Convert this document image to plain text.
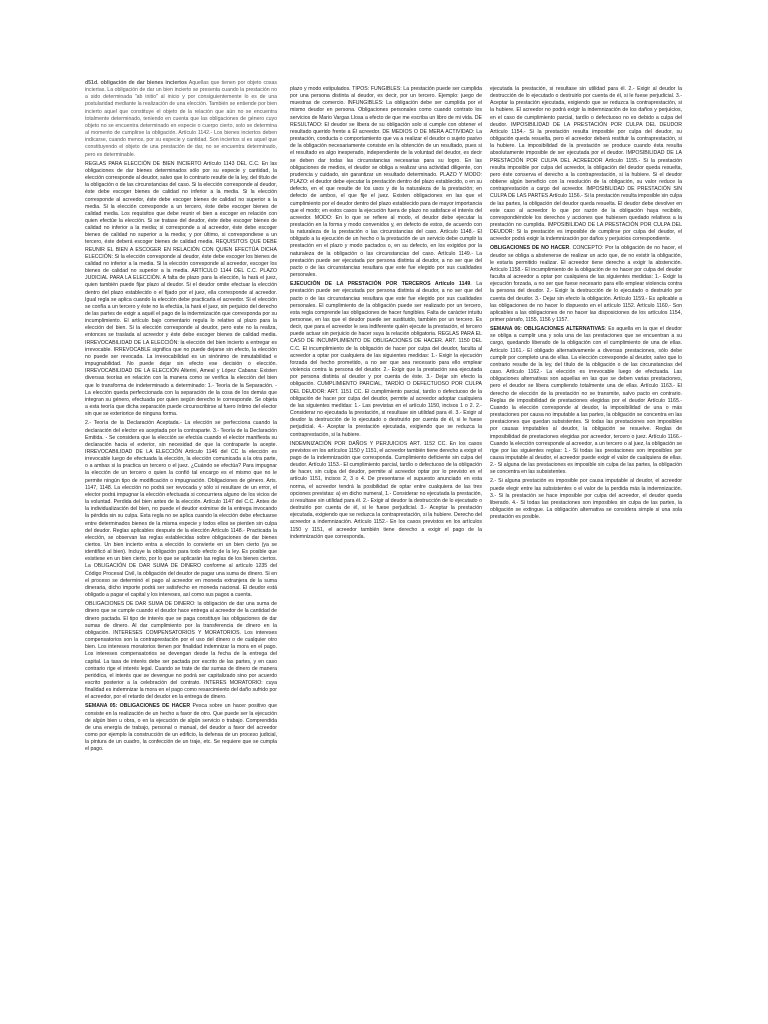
d51d. obligación de dar bienes inciertos Aquellas que tienen por objeto cosas inciertas. La obligación de dar un bien incierto se presenta cuando la prestación no a sido determinada "ab initio" al inicio y por consiguientemente lo es de una postularidad mediante la realización de una elección. También se entiende por bien incierto aquel que constituye el objeto de la relación que aún no se encuentra totalmente determinado, teniendo en cuenta que las obligaciones de género cuyo objeto no se encuentra determinado en especie o cuerpo cierto, solo se determina al momento de cumplirse la obligación. Artículo 1142.- Los bienes inciertos deben indicarse, cuando menos, por su especie y cantidad. Son inciertos si es aquel que constituyendo el objeto de una prestación de dar, no se encuentra determinado, pero es determinable.

REGLAS PARA ELECCIÓN DE BIEN INCIERTO Artículo 1143 DEL C.C. En las obligaciones de dar bienes determinados sólo por su especie y cantidad, la elección corresponde al deudor, salvo que lo contrario resulte de la ley, del título de la obligación o de las circunstancias del caso. Si la elección corresponde al deudor, éste debe escoger bienes de calidad no inferior a la media. Si la elección corresponde al acreedor, éste debe escoger bienes de calidad no superior a la media. Si la elección corresponde a un tercero, éste debe escoger bienes de calidad media. Los requisitos que debe reunir el bien a escoger en relación con quien efectúe la elección. Si se tratase del deudor, éste debe escoger bienes de calidad no inferior a la media; si corresponde a al acreedor, éste debe escoger bienes de calidad no superior a la media; y por último, si correspondiese a un tercero, éste deberá escoger bienes de calidad media. REQUISITOS QUE DEBE REUNIR EL BIEN A ESCOGER EN RELACIÓN CON QUIEN EFECTÚA DICHA ELECCIÓN: Si la elección corresponde al deudor, éste debe escoger los bienes de calidad no inferior a la media. Si la elección corresponde al acreedor, escoger los bienes de calidad no superior a la media. ARTÍCULO 1144 DEL C.C. PLAZO JUDICIAL PARA LA ELECCIÓN. A falta de plazo para la elección, la hará el juez, quien también puede fijar plazo al deudor. Si el deudor omite efectuar la elección dentro del plazo establecido o el fijado por el juez, ella corresponde al acreedor. Igual regla se aplica cuando la elección debe practicarla el acreedor. Si el elección se confía a un tercero y éste no la efectúa, la hará el juez, sin perjuicio del derecho de las partes de exigir a aquél el pago de la indemnización que corresponda por su incumplimiento. El artículo bajo comentario regula lo relativo al plazo para la elección del bien. Si la elección corresponde al deudor, pero este no la realiza, entonces se traslada al acreedor y éste debe escoger bienes de calidad media. IRREVOCABILIDAD DE LA ELECCIÓN: la elección del bien incierto a entregar es irrevocable. IRREVOCABLE significa que no puede dejarse sin efecto, la elección no puede ser revocada. La irrevocabilidad es un sinónimo de inmutabilidad e impugnabilidad. No puede dejar sin efecto ese decisión o elección. IRREVOCABILIDAD DE LA ELECCIÓN Alterini, Ameal y López Cabana: Existen diversas teorías en relación con la manera como se verifica la elección del bien que lo transforma de indeterminado a determinado: 1.- Teoría de la Separación. - La elección queda perfeccionada con la separación de la cosa de los demás que integran su género, efectuada por quien según derecho le corresponde. Se objeta a esta teoría que dicha separación puede circunscribirse al fuero íntimo del elector sin que se exteriorice de ninguna forma.

2.- Teoría de la Declaración Aceptada.- La elección se perfecciona cuando la declaración del elector es aceptada por la contraparte. 3.- Teoría de la Declaración Emitida. - Se considera que la elección se efectúa cuando el elector manifiesta su declaración hacia el exterior, sin necesidad de que la contraparte la acepte. IRREVOCABILIDAD DE LA ELECCIÓN Artículo 1146 del CC la elección es irrevocable luego de efectuada la elección, la elección comunicada a la otra parte, o a ambas si la practica un tercero o el juez. ¿Cuándo se efectúa? Para impugnar la elección de un tercero o quien la confió tal encargo es el mismo que no le permite ningún tipo de modificación o impugnación. Obligaciones de género. Arts. 1147, 1148. La elección no podrá ser revocada y sólo si resultare de un error, el elector podrá impugnar la elección efectuada si concurriera alguno de los vicios de la voluntad. Perdida del bien antes de la elección. Artículo 1147 del C.C. Antes de la individualización del bien, no puede el deudor eximirse de la entrega invocando la pérdida sin su culpa. Esta regla no se aplica cuando la elección debe efectuarse entre determinados bienes de la misma especie y todos ellos se pierden sin culpa del deudor. Reglas aplicables después de la elección Artículo 1148.- Practicada la elección, se observan las reglas establecidas sobre obligaciones de dar bienes ciertos. Un bien incierto entra a elección lo convierte en un bien cierto (ya se identificó al bien). Incluye la obligación para todo efecto de la ley. Es posible que existiese en un bien cierto, por lo que se aplicarán las reglas de los bienes ciertos. La OBLIGACIÓN DE DAR SUMA DE DINERO conforme al artículo 1235 del Código Procesal Civil, la obligación del deudor de pagar una suma de dinero. Si en el proceso se determinó el pago al acreedor en moneda extranjera de la suma dineraria, dicho importe podrá ser satisfecho en moneda nacional. El deudor está obligado a pagar el capital y los intereses, así como sus pagos a cuenta.

OBLIGACIONES DE DAR SUMA DE DINERO: la obligación de dar una suma de dinero que se cumple cuando el deudor hace entrega al acreedor de la cantidad de dinero pactada. El tipo de interés que se paga constituye las obligaciones de dar sumas de dinero. Al dar cumplimiento por la transferencia de dinero en la obligación. INTERESES COMPENSATORIOS Y MORATORIOS. Los intereses compensatorios son la contraprestación por el uso del dinero o de cualquier otro bien. Los intereses moratorios tienen por finalidad indemnizar la mora en el pago. Los intereses compensatorios se devengan desde la fecha de la entrega del capital. La tasa de interés debe ser pactada por escrito de las partes, y en caso contrario rige el interés legal. Cuando se trate de dar sumas de dinero de manera periódica, el interés que se devengue no podrá ser capitalizado sino por acuerdo escrito posterior a la celebración del contrato. INTERES MORATORIO: cuya finalidad es indemnizar la mora en el pago como resarcimiento del daño sufrido por el acreedor, por el retardo del deudor en la entrega de dinero.

SEMANA 05: OBLIGACIONES DE HACER Pesca sobre un hacer positivo que consiste en la realización de un hecho a favor de otro. Que puede ser la ejecución de algún bien u obra, o en la ejecución de algún servicio o trabajo. Comprendida de una energía de trabajo, personal o manual, del deudor a favor del acreedor como por ejemplo la construcción de un edificio, la defensa de un proceso judicial, la pintura de un cuadro, la confección de un traje, etc. Se requiere que se cumpla el pago.

plazo y modo estipulados. TIPOS: FUNGIBLES: La prestación puede ser cumplida por una persona distinta al deudor, es decir, por un tercero. Ejemplo: juego de muestras de comercio. INFUNGIBLES: La obligación debe ser cumplida por el mismo deudor en persona. Obligaciones personales como cuando contrato los servicios de Mario Vargas Llosa a efecto de que me escriba un libro de mi vida. DE RESULTADO: El deudor se libera de su obligación solo si cumple con obtener el resultado querido frente a Él acreedor. DE MEDIOS O DE MERA ACTIVIDAD: La prestación, conducta o comportamiento que va a realizar el deudor o sujeto pasivo de la obligación necesariamente consiste en la obtención de un resultado, pues si el resultado es algo inesperado, independiente de la voluntad del deudor, es decir se deben dar todas las circunstancias necesarias para su logro. En las obligaciones de medios, el deudor se obliga a realizar una actividad diligente, con prudencia y cuidado, sin garantizar un resultado determinado. PLAZO Y MODO: PLAZO: el deudor debe ejecutar la prestación dentro del plazo establecido, o en su defecto, en el que resulte de los usos y de la naturaleza de la prestación; en defecto de ambos, el que fije el juez. Existen obligaciones en las que el cumplimiento por el deudor dentro del plazo establecido para de mayor importancia que el modo; en estos casos la ejecución fuera de plazo no satisface el interés del acreedor. MODO: En lo que se refiere al modo, el deudor debe ejecutar la prestación en la forma y modo convenidos y, en defecto de estos, de acuerdo con la naturaleza de la prestación o las circunstancias del caso. Artículo 1148.- El obligado a la ejecución de un hecho o la prestación de un servicio debe cumplir la prestación en el plazo y modo pactados o, en su defecto, en los exigidos por la naturaleza de la obligación o las circunstancias del caso. Artículo 1149.- La prestación puede ser ejecutada por persona distinta al deudor, a no ser que del pacto o de las circunstancias resultara que este fue elegido por sus cualidades personales.

EJECUCIÓN DE LA PRESTACIÓN POR TERCEROS Artículo 1149. La prestación puede ser ejecutada por persona distinta al deudor, a no ser que del pacto o de las circunstancias resultara que este fue elegido por sus cualidades personales. El cumplimiento de la obligación puede ser realizado por un tercero, esta regla comprende las obligaciones de hacer fungibles. Falta de carácter intuitu personae, en las que el deudor puede ser sustituido, también por un tercero. Es decir, que para el acreedor le sea indiferente quién ejecute la prestación, el tercero puede actuar sin perjuicio de hacer suya la relación obligatoria. REGLAS PARA EL CASO DE INCUMPLIMIENTO DE OBLIGACIONES DE HACER. ART. 1150 DEL C.C. El incumplimiento de la obligación de hacer por culpa del deudor, faculta al acreedor a optar por cualquiera de las siguientes medidas: 1.- Exigir la ejecución forzada del hecho prometido, a no ser que sea necesario para ello emplear violencia contra la persona del deudor. 2.- Exigir que la prestación sea ejecutada por persona distinta al deudor y por cuenta de éste. 3.- Dejar sin efecto la obligación. CUMPLIMIENTO PARCIAL, TARDÍO O DEFECTUOSO POR CULPA DEL DEUDOR: ART. 1151 CC. El cumplimiento parcial, tardío o defectuoso de la obligación de hacer por culpa del deudor, permite al acreedor adoptar cualquiera de las siguientes medidas: 1.- Las previstas en el artículo 1150, incisos 1 o 2. 2.- Considerar no ejecutada la prestación, si resultase sin utilidad para él. 3.- Exigir al deudor la destrucción de lo ejecutado o destruirlo por cuenta de él, si le fuese perjudicial. 4.- Aceptar la prestación ejecutada, exigiendo que se reduzca la contraprestación, si la hubiere.

INDEMNIZACIÓN POR DAÑOS Y PERJUICIOS ART. 1152 CC. En los casos previstos en los artículos 1150 y 1151, el acreedor también tiene derecho a exigir el pago de la indemnización que corresponda. Cumplimiento deficiente sin culpa del deudor. Artículo 1153.- El cumplimiento parcial, tardío o defectuoso de la obligación de hacer, sin culpa del deudor, permite al acreedor optar por lo previsto en el artículo 1151, incisos 2, 3 o 4. De presentarse el supuesto anunciado en esta norma, el acreedor tendrá la posibilidad de optar entre cualquiera de las tres opciones previstas: a) en dicho numeral, 1.- Considerar no ejecutada la prestación, si resultase sin utilidad para él. 2.- Exigir al deudor la destrucción de lo ejecutado o destruirlo por cuenta de él, si le fuese perjudicial. 3.- Aceptar la prestación ejecutada, exigiendo que se reduzca la contraprestación, si la hubiere. Derecho del acreedor a indemnización. Artículo 1152.- En los casos previstos en los artículos 1150 y 1151, el acreedor también tiene derecho a exigir el pago de la indemnización que corresponda.

ejecutada la prestación, si resultase sin utilidad para él. 2.- Exigir al deudor la destrucción de lo ejecutado o destruirlo por cuenta de él, si le fuese perjudicial. 3.- Aceptar la prestación ejecutada, exigiendo que se reduzca la contraprestación, si la hubiere. El acreedor no podrá exigir la indemnización de los daños y perjuicios, en el caso de cumplimiento parcial, tardío o defectuoso no es debido a culpa del deudor. IMPOSIBILIDAD DE LA PRESTACIÓN POR CULPA DEL DEUDOR Artículo 1154.- Si la prestación resulta imposible por culpa del deudor, su obligación queda resuelta, pero el acreedor deberá restituir la contraprestación, si la hubiere. La imposibilidad de la prestación se produce cuando ésta resulta absolutamente imposible de ser ejecutada por el deudor. IMPOSIBILIDAD DE LA PRESTACIÓN POR CULPA DEL ACREEDOR Artículo 1155.- Si la prestación resulta imposible por culpa del acreedor, la obligación del deudor queda resuelta, pero éste conserva el derecho a la contraprestación, si la hubiere. Si el deudor obtiene algún beneficio con la resolución de la obligación, su valor reduce la contraprestación a cargo del acreedor. IMPOSIBILIDAD DE PRESTACIÓN SIN CULPA DE LAS PARTES Artículo 1156.- Si la prestación resulta imposible sin culpa de las partes, la obligación del deudor queda resuelta. El deudor debe devolver en este caso al acreedor lo que por razón de la obligación haya recibido, correspondiéndole los derechos y acciones que hubiesen quedado relativos a la prestación no cumplida. IMPOSIBILIDAD DE LA PRESTACIÓN POR CULPA DEL DEUDOR: Si la prestación es imposible de cumplirse por culpa del deudor, el acreedor podrá exigir la indemnización por daños y perjuicios correspondiente.

OBLIGACIONES DE NO HACER. CONCEPTO: Por la obligación de no hacer, el deudor se obliga a abstenerse de realizar un acto que, de no existir la obligación, le estaría permitido realizar. El acreedor tiene derecho a exigir la abstención. Artículo 1158.- El incumplimiento de la obligación de no hacer por culpa del deudor faculta al acreedor a optar por cualquiera de las siguientes medidas: 1.- Exigir la ejecución forzada, a no ser que fuese necesario para ello emplear violencia contra la persona del deudor. 2.- Exigir la destrucción de lo ejecutado o destruirlo por cuenta del deudor. 3.- Dejar sin efecto la obligación. Artículo 1159.- Es aplicable a las obligaciones de no hacer lo dispuesto en el artículo 1152. Artículo 1160.- Son aplicables a las obligaciones de no hacer las disposiciones de los artículos 1154, primer párrafo, 1155, 1156 y 1157.

SEMANA 06: OBLIGACIONES ALTERNATIVAS: Es aquella en la que el deudor se obliga a cumplir una y sola una de las prestaciones que se encuentran a su cargo, quedando liberado de la obligación con el cumplimiento de una de ellas. Artículo 1161.- El obligado alternativamente a diversas prestaciones, sólo debe cumplir por completo una de ellas. La elección corresponde al deudor, salvo que lo contrario resulte de la ley, del título de la obligación o de las circunstancias del caso. Artículo 1162.- La elección es irrevocable luego de efectuada. Las obligaciones alternativas son aquellas en las que se deben varias prestaciones, pero el deudor se libera cumpliendo totalmente una de ellas. Artículo 1163.- El derecho de elección de la prestación no se transmite, salvo pacto en contrario. Reglas de imposibilidad de prestaciones elegidas por el deudor Artículo 1165.- Cuando la elección corresponde al deudor, la imposibilidad de una o más prestaciones por causa no imputable a las partes, la obligación se concentra en las prestaciones que quedan subsistentes. Si todas las prestaciones son imposibles por causas imputables al deudor, la obligación se resuelve. Reglas de imposibilidad de prestaciones elegidas por acreedor, tercero o juez. Artículo 1166.- Cuando la elección corresponde al acreedor, a un tercero o al juez, la obligación se rige por las siguientes reglas: 1.- Si todas las prestaciones son imposibles por causa imputable al deudor, el acreedor puede exigir el valor de cualquiera de ellas. 2.- Si alguna de las prestaciones es imposible sin culpa de las partes, la obligación se concentra en las subsistentes.

2.- Si alguna prestación es imposible por causa imputable al deudor, el acreedor puede elegir entre las subsistentes o el valor de la perdida más la indemnización. 3.- Si la prestación se hace imposible por culpa del acreedor, el deudor queda liberado. 4.- Si todas las prestaciones son imposibles sin culpa de las partes, la obligación se extingue. La obligación alternativa se considera simple si una sola prestación es posible.
